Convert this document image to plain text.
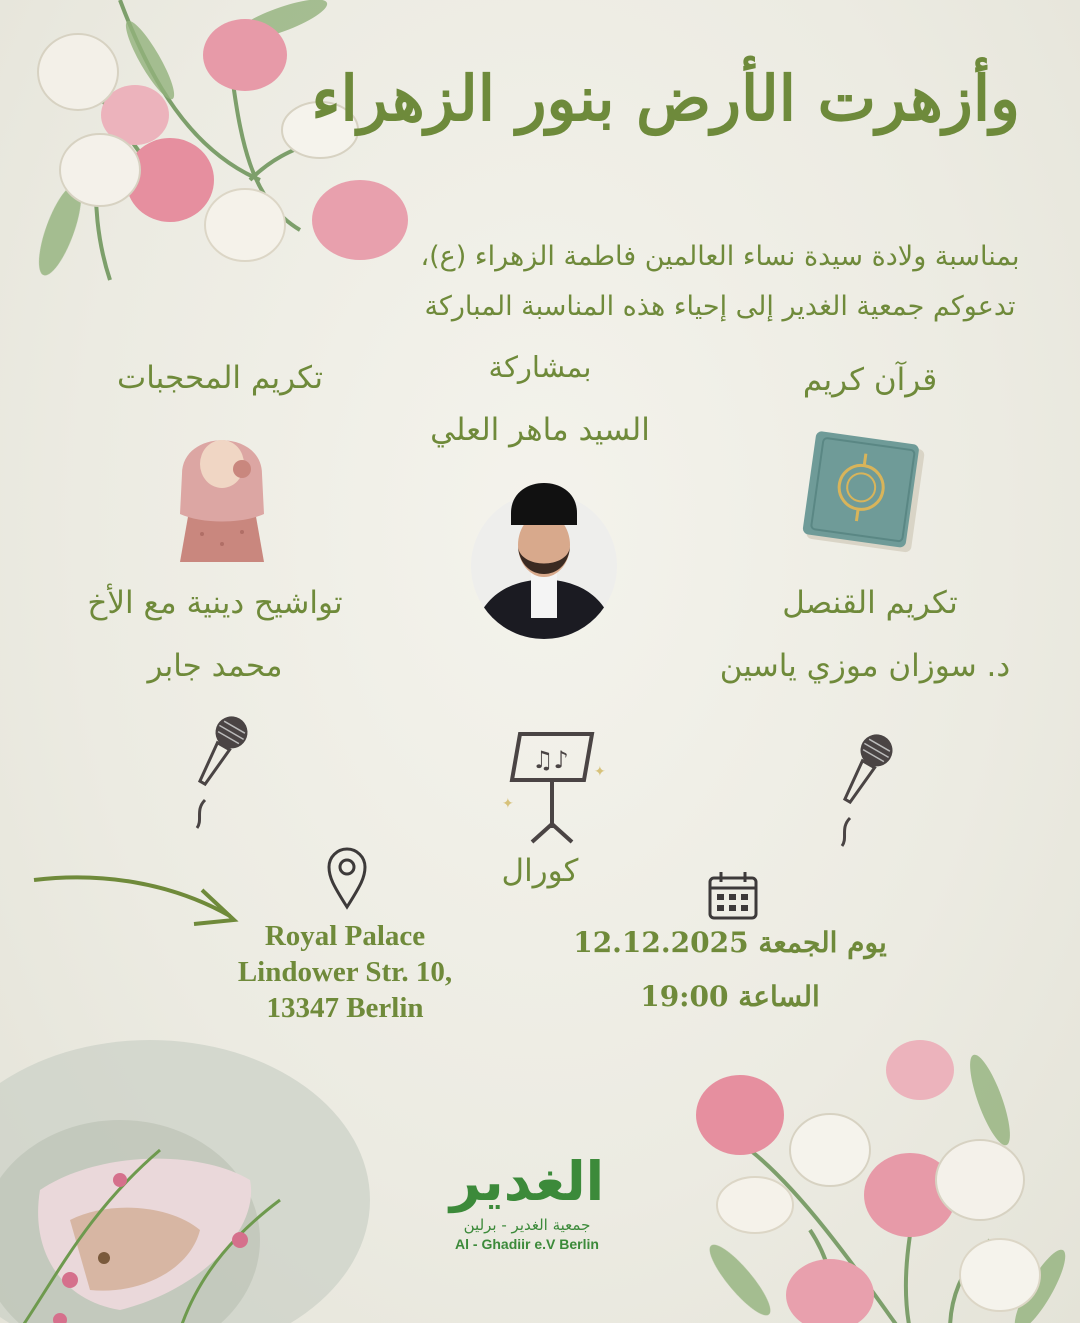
وأزهرت الأرض بنور الزهراء
بمناسبة ولادة سيدة نساء العالمين فاطمة الزهراء (ع)،
تدعوكم جمعية الغدير إلى إحياء هذه المناسبة المباركة
قرآن كريم
بمشاركة
السيد ماهر العلي
تكريم المحجبات
تواشيح دينية مع الأخ
محمد جابر
تكريم القنصل
د. سوزان موزي ياسين
♫♪
✦
✦
كورال
Royal Palace
Lindower Str. 10,
13347 Berlin
يوم الجمعة 12.12.2025
الساعة 19:00
الغدير
جمعية الغدير - برلين
Al - Ghadiir e.V Berlin
